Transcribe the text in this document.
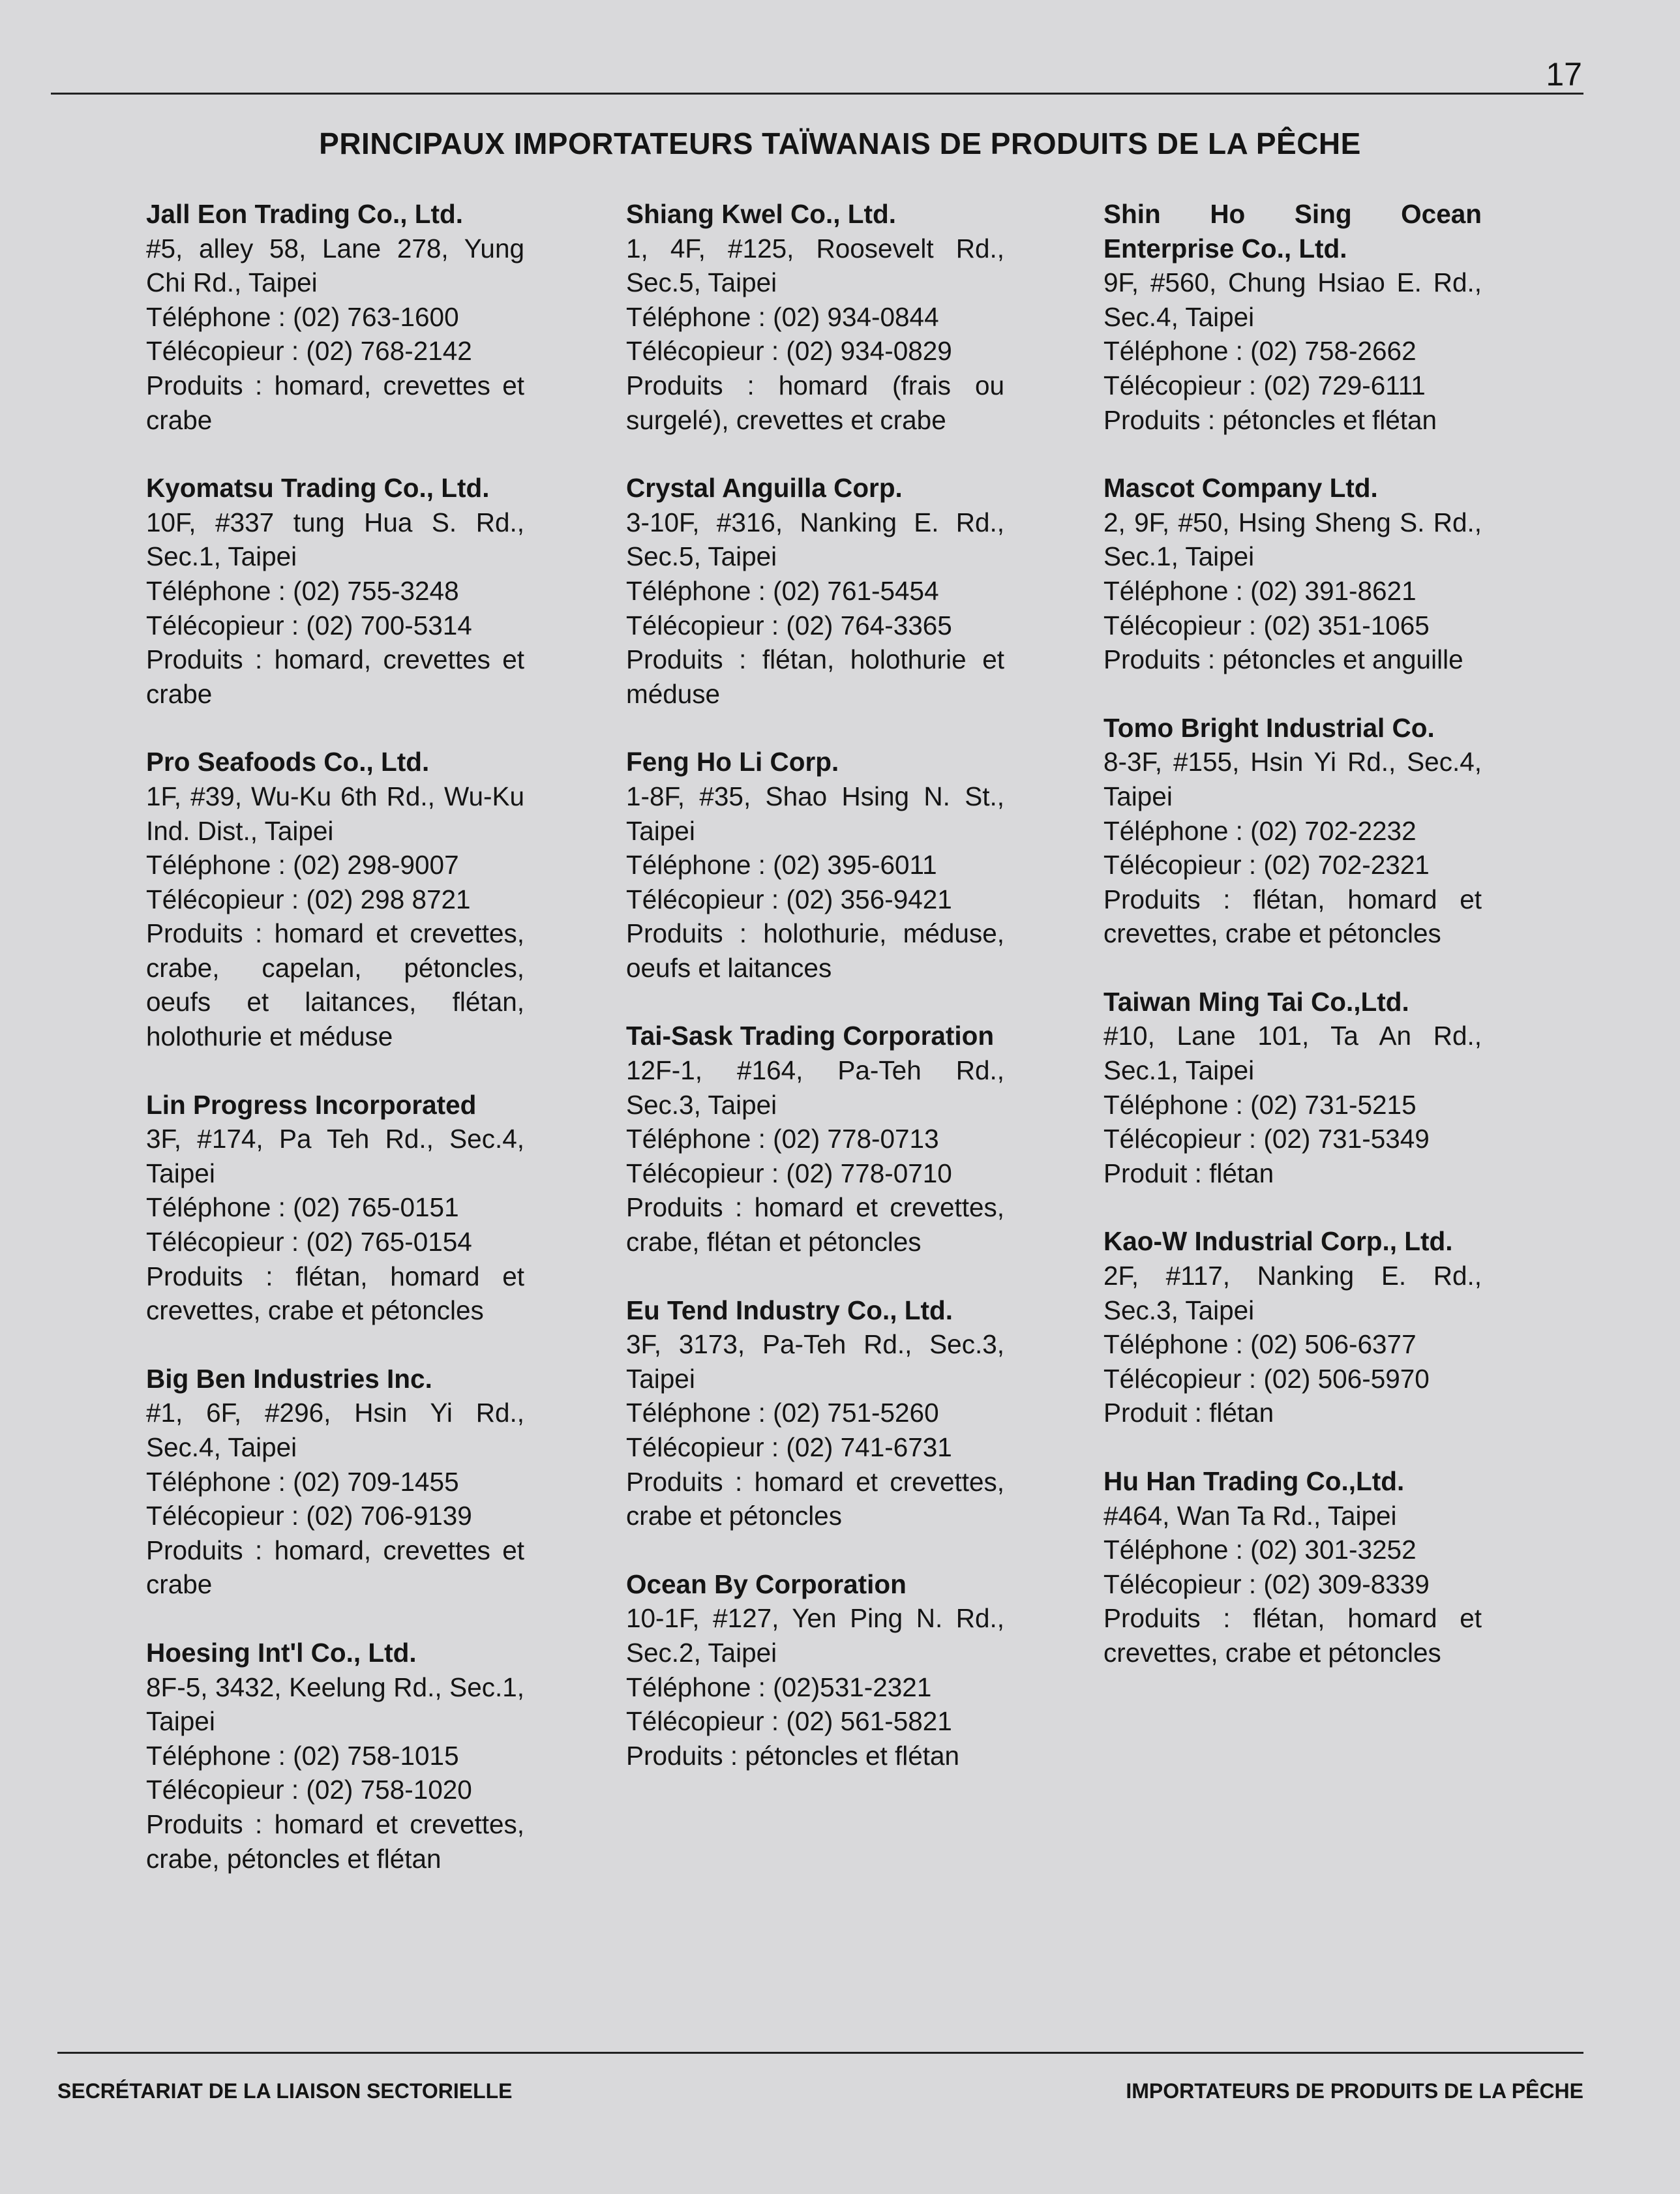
17
PRINCIPAUX IMPORTATEURS TAÏWANAIS DE PRODUITS DE LA PÊCHE
Jall Eon Trading Co., Ltd.
#5, alley 58, Lane 278, Yung Chi Rd., Taipei
Téléphone : (02) 763-1600
Télécopieur : (02) 768-2142
Produits : homard, crevettes et crabe
Kyomatsu Trading Co., Ltd.
10F, #337 tung Hua S. Rd., Sec.1, Taipei
Téléphone : (02) 755-3248
Télécopieur : (02) 700-5314
Produits : homard, crevettes et crabe
Pro Seafoods Co., Ltd.
1F, #39, Wu-Ku 6th Rd., Wu-Ku Ind. Dist., Taipei
Téléphone : (02) 298-9007
Télécopieur : (02) 298 8721
Produits : homard et crevettes, crabe, capelan, pétoncles, oeufs et laitances, flétan, holothurie et méduse
Lin Progress Incorporated
3F, #174, Pa Teh Rd., Sec.4, Taipei
Téléphone : (02) 765-0151
Télécopieur : (02) 765-0154
Produits : flétan, homard et crevettes, crabe et pétoncles
Big Ben Industries Inc.
#1, 6F, #296, Hsin Yi Rd., Sec.4, Taipei
Téléphone : (02) 709-1455
Télécopieur : (02) 706-9139
Produits : homard, crevettes et crabe
Hoesing Int'l Co., Ltd.
8F-5, 3432, Keelung Rd., Sec.1, Taipei
Téléphone : (02) 758-1015
Télécopieur : (02) 758-1020
Produits : homard et crevettes, crabe, pétoncles et flétan
Shiang Kwel Co., Ltd.
1, 4F, #125, Roosevelt Rd., Sec.5, Taipei
Téléphone : (02) 934-0844
Télécopieur : (02) 934-0829
Produits : homard (frais ou surgelé), crevettes et crabe
Crystal Anguilla Corp.
3-10F, #316, Nanking E. Rd., Sec.5, Taipei
Téléphone : (02) 761-5454
Télécopieur : (02) 764-3365
Produits : flétan, holothurie et méduse
Feng Ho Li Corp.
1-8F, #35, Shao Hsing N. St., Taipei
Téléphone : (02) 395-6011
Télécopieur : (02) 356-9421
Produits : holothurie, méduse, oeufs et laitances
Tai-Sask Trading Corporation
12F-1, #164, Pa-Teh Rd., Sec.3, Taipei
Téléphone : (02) 778-0713
Télécopieur : (02) 778-0710
Produits : homard et crevettes, crabe, flétan et pétoncles
Eu Tend Industry Co., Ltd.
3F, 3173, Pa-Teh Rd., Sec.3, Taipei
Téléphone : (02) 751-5260
Télécopieur : (02) 741-6731
Produits : homard et crevettes, crabe et pétoncles
Ocean By Corporation
10-1F, #127, Yen Ping N. Rd., Sec.2, Taipei
Téléphone : (02)531-2321
Télécopieur : (02) 561-5821
Produits : pétoncles et flétan
Shin Ho Sing Ocean Enterprise Co., Ltd.
9F, #560, Chung Hsiao E. Rd., Sec.4, Taipei
Téléphone : (02) 758-2662
Télécopieur : (02) 729-6111
Produits : pétoncles et flétan
Mascot Company Ltd.
2, 9F, #50, Hsing Sheng S. Rd., Sec.1, Taipei
Téléphone : (02) 391-8621
Télécopieur : (02) 351-1065
Produits : pétoncles et anguille
Tomo Bright Industrial Co.
8-3F, #155, Hsin Yi Rd., Sec.4, Taipei
Téléphone : (02) 702-2232
Télécopieur : (02) 702-2321
Produits : flétan, homard et crevettes, crabe et pétoncles
Taiwan Ming Tai Co.,Ltd.
#10, Lane 101, Ta An Rd., Sec.1, Taipei
Téléphone : (02) 731-5215
Télécopieur : (02) 731-5349
Produit : flétan
Kao-W Industrial Corp., Ltd.
2F, #117, Nanking E. Rd., Sec.3, Taipei
Téléphone : (02) 506-6377
Télécopieur : (02) 506-5970
Produit : flétan
Hu Han Trading Co.,Ltd.
#464, Wan Ta Rd., Taipei
Téléphone : (02) 301-3252
Télécopieur : (02) 309-8339
Produits : flétan, homard et crevettes, crabe et pétoncles
SECRÉTARIAT DE LA LIAISON SECTORIELLE	IMPORTATEURS DE PRODUITS DE LA PÊCHE
